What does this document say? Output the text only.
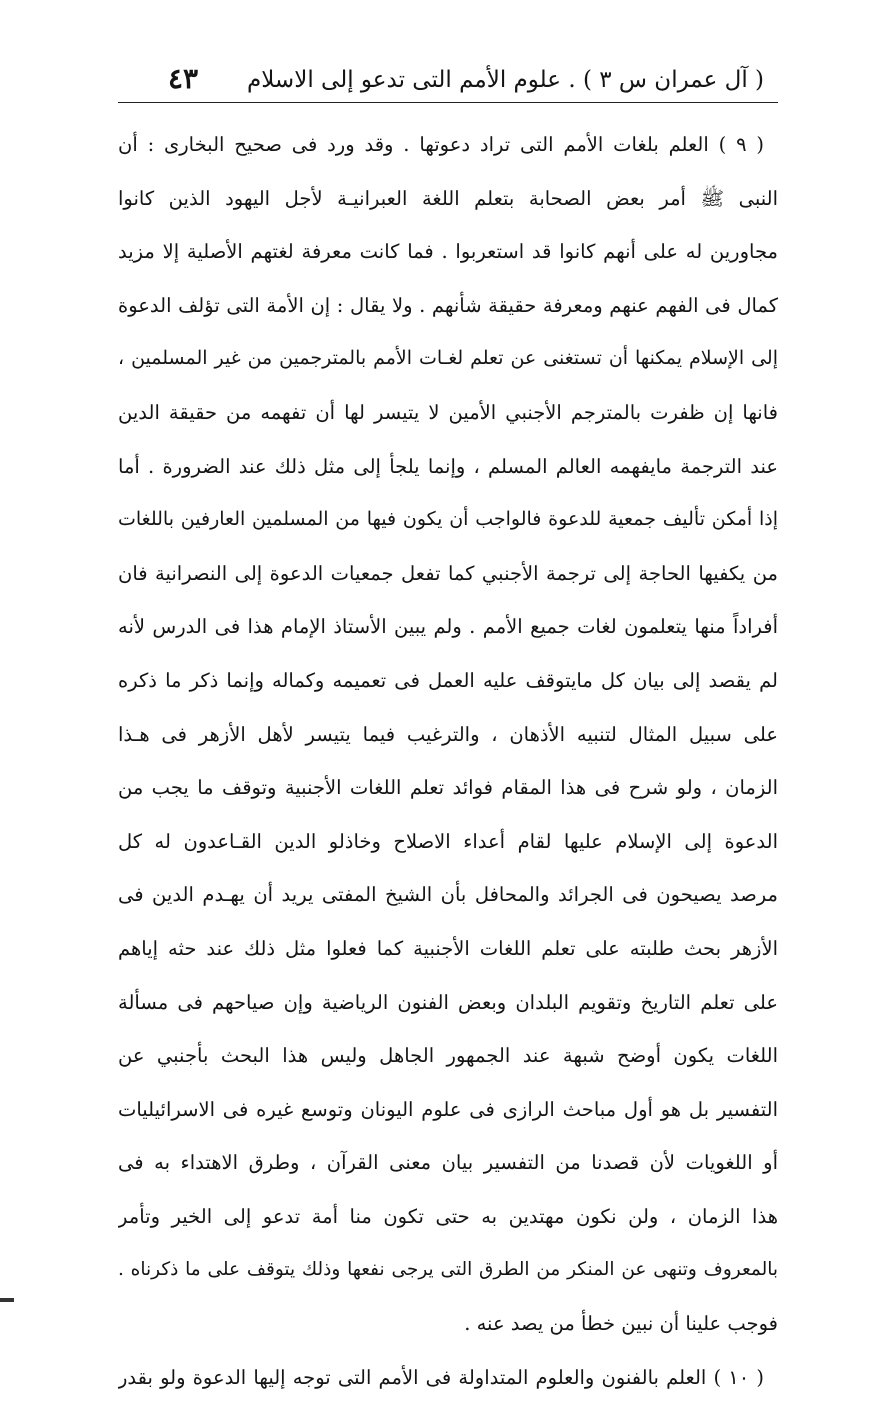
( آل عمران س ٣ ) . علوم الأمم التى تدعو إلى الاسلام
٤٣
( ٩ ) العلم بلغات الأمم التى تراد دعوتها . وقد ورد فى صحيح البخارى : أن
النبى ﷺ أمر بعض الصحابة بتعلم اللغة العبرانيـة لأجل اليهود الذين كانوا
مجاورين له على أنهم كانوا قد استعربوا . فما كانت معرفة لغتهم الأصلية إلا مزيد
كمال فى الفهم عنهم ومعرفة حقيقة شأنهم . ولا يقال : إن الأمة التى تؤلف الدعوة
إلى الإسلام يمكنها أن تستغنى عن تعلم لغـات الأمم بالمترجمين من غير المسلمين ،
فانها إن ظفرت بالمترجم الأجنبي الأمين لا يتيسر لها أن تفهمه من حقيقة الدين
عند الترجمة مايفهمه العالم المسلم ، وإنما يلجأ إلى مثل ذلك عند الضرورة . أما
إذا أمكن تأليف جمعية للدعوة فالواجب أن يكون فيها من المسلمين العارفين باللغات
من يكفيها الحاجة إلى ترجمة الأجنبي كما تفعل جمعيات الدعوة إلى النصرانية فان
أفراداً منها يتعلمون لغات جميع الأمم . ولم يبين الأستاذ الإمام هذا فى الدرس لأنه
لم يقصد إلى بيان كل مايتوقف عليه العمل فى تعميمه وكماله وإنما ذكر ما ذكره
على سبيل المثال لتنبيه الأذهان ، والترغيب فيما يتيسر لأهل الأزهر فى هـذا
الزمان ، ولو شرح فى هذا المقام فوائد تعلم اللغات الأجنبية وتوقف ما يجب من
الدعوة إلى الإسلام عليها لقام أعداء الاصلاح وخاذلو الدين القـاعدون له كل
مرصد يصيحون فى الجرائد والمحافل بأن الشيخ المفتى يريد أن يهـدم الدين فى
الأزهر بحث طلبته على تعلم اللغات الأجنبية كما فعلوا مثل ذلك عند حثه إياهم
على تعلم التاريخ وتقويم البلدان وبعض الفنون الرياضية وإن صياحهم فى مسألة
اللغات يكون أوضح شبهة عند الجمهور الجاهل وليس هذا البحث بأجنبي عن
التفسير بل هو أول مباحث الرازى فى علوم اليونان وتوسع غيره فى الاسرائيليات
أو اللغويات لأن قصدنا من التفسير بيان معنى القرآن ، وطرق الاهتداء به فى
هذا الزمان ، ولن نكون مهتدين به حتى تكون منا أمة تدعو إلى الخير وتأمر
بالمعروف وتنهى عن المنكر من الطرق التى يرجى نفعها وذلك يتوقف على ما ذكرناه .
فوجب علينا أن نبين خطأ من يصد عنه .
( ١٠ ) العلم بالفنون والعلوم المتداولة فى الأمم التى توجه إليها الدعوة ولو بقدر
